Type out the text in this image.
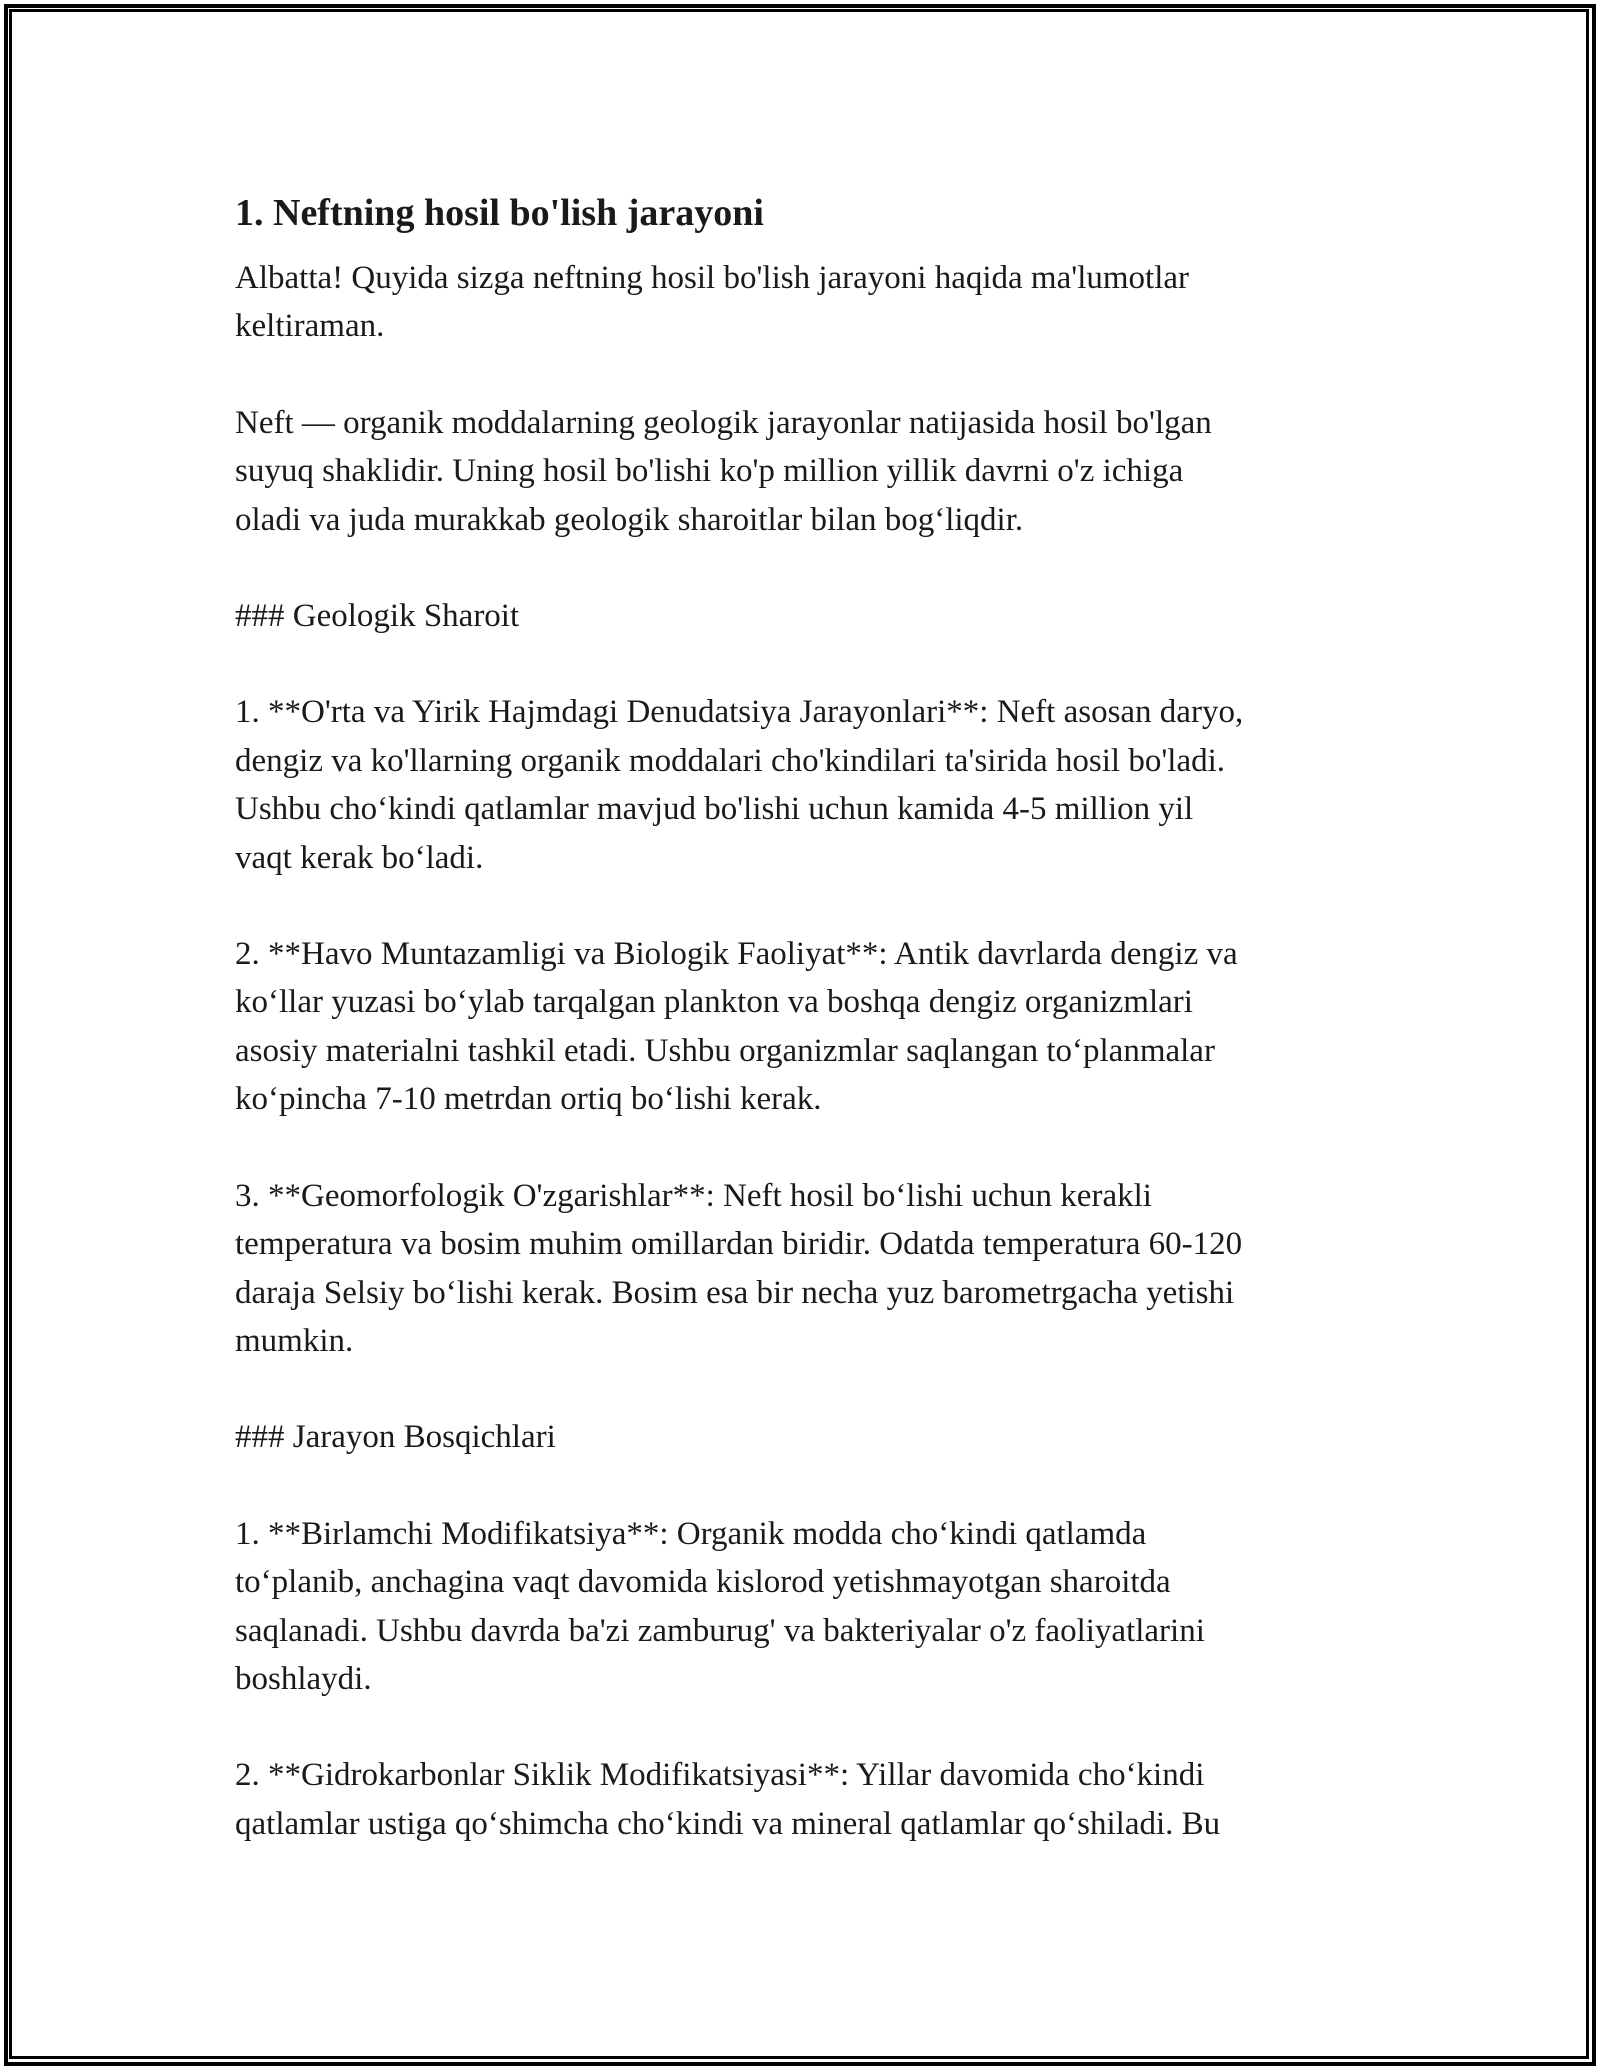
1. Neftning hosil bo'lish jarayoni

Albatta! Quyida sizga neftning hosil bo'lish jarayoni haqida ma'lumotlar
keltiraman.

Neft — organik moddalarning geologik jarayonlar natijasida hosil bo'lgan
suyuq shaklidir. Uning hosil bo'lishi ko'p million yillik davrni o'z ichiga
oladi va juda murakkab geologik sharoitlar bilan bog‘liqdir.

### Geologik Sharoit

1. **O'rta va Yirik Hajmdagi Denudatsiya Jarayonlari**: Neft asosan daryo,
dengiz va ko'llarning organik moddalari cho'kindilari ta'sirida hosil bo'ladi.
Ushbu cho‘kindi qatlamlar mavjud bo'lishi uchun kamida 4-5 million yil
vaqt kerak bo‘ladi.

2. **Havo Muntazamligi va Biologik Faoliyat**: Antik davrlarda dengiz va
ko‘llar yuzasi bo‘ylab tarqalgan plankton va boshqa dengiz organizmlari
asosiy materialni tashkil etadi. Ushbu organizmlar saqlangan to‘planmalar
ko‘pincha 7-10 metrdan ortiq bo‘lishi kerak.

3. **Geomorfologik O'zgarishlar**: Neft hosil bo‘lishi uchun kerakli
temperatura va bosim muhim omillardan biridir. Odatda temperatura 60-120
daraja Selsiy bo‘lishi kerak. Bosim esa bir necha yuz barometrgacha yetishi
mumkin.

### Jarayon Bosqichlari

1. **Birlamchi Modifikatsiya**: Organik modda cho‘kindi qatlamda
to‘planib, anchagina vaqt davomida kislorod yetishmayotgan sharoitda
saqlanadi. Ushbu davrda ba'zi zamburug' va bakteriyalar o'z faoliyatlarini
boshlaydi.

2. **Gidrokarbonlar Siklik Modifikatsiyasi**: Yillar davomida cho‘kindi
qatlamlar ustiga qo‘shimcha cho‘kindi va mineral qatlamlar qo‘shiladi. Bu
